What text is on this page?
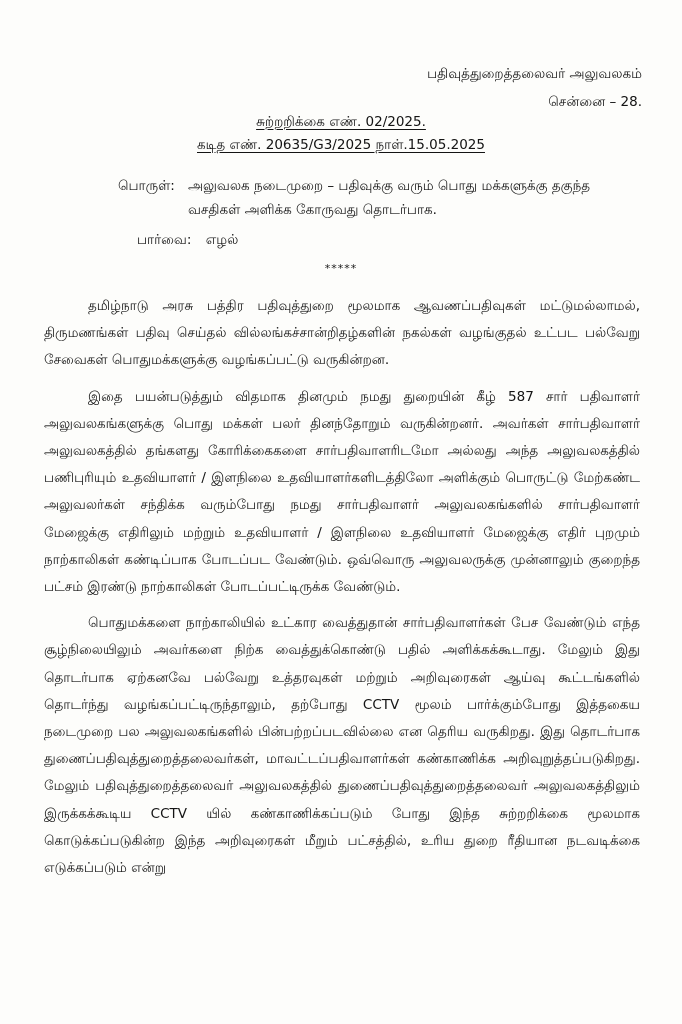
பதிவுத்துறைத்தலைவர் அலுவலகம்
சென்னை – 28.
சுற்றறிக்கை எண். 02/2025.
கடித எண். 20635/G3/2025 நாள்.15.05.2025
பொருள்: அலுவலக நடைமுறை – பதிவுக்கு வரும் பொது மக்களுக்கு தகுந்த வசதிகள் அளிக்க கோருவது தொடர்பாக.
பார்வை: எழல்
*****

தமிழ்நாடு அரசு பத்திர பதிவுத்துறை மூலமாக ஆவணப்பதிவுகள் மட்டுமல்லாமல், திருமணங்கள் பதிவு செய்தல் வில்லங்கச்சான்றிதழ்களின் நகல்கள் வழங்குதல் உட்பட பல்வேறு சேவைகள் பொதுமக்களுக்கு வழங்கப்பட்டு வருகின்றன.

இதை பயன்படுத்தும் விதமாக தினமும் நமது துறையின் கீழ் 587 சார் பதிவாளர் அலுவலகங்களுக்கு பொது மக்கள் பலர் தினந்தோறும் வருகின்றனர். அவர்கள் சார்பதிவாளர் அலுவலகத்தில் தங்களது கோரிக்கைகளை சார்பதிவாளரிடமோ அல்லது அந்த அலுவலகத்தில் பணிபுரியும் உதவியாளர் / இளநிலை உதவியாளர்களிடத்திலோ அளிக்கும் பொருட்டு மேற்கண்ட அலுவலர்கள் சந்திக்க வரும்போது நமது சார்பதிவாளர் அலுவலகங்களில் சார்பதிவாளர் மேஜைக்கு எதிரிலும் மற்றும் உதவியாளர் / இளநிலை உதவியாளர் மேஜைக்கு எதிர் புறமும் நாற்காலிகள் கண்டிப்பாக போடப்பட வேண்டும். ஒவ்வொரு அலுவலருக்கு முன்னாலும் குறைந்த பட்சம் இரண்டு நாற்காலிகள் போடப்பட்டிருக்க வேண்டும்.

பொதுமக்களை நாற்காலியில் உட்கார வைத்துதான் சார்பதிவாளர்கள் பேச வேண்டும் எந்த சூழ்நிலையிலும் அவர்களை நிற்க வைத்துக்கொண்டு பதில் அளிக்கக்கூடாது. மேலும் இது தொடர்பாக ஏற்கனவே பல்வேறு உத்தரவுகள் மற்றும் அறிவுரைகள் ஆய்வு கூட்டங்களில் தொடர்ந்து வழங்கப்பட்டிருந்தாலும், தற்போது CCTV மூலம் பார்க்கும்போது இத்தகைய நடைமுறை பல அலுவலகங்களில் பின்பற்றப்படவில்லை என தெரிய வருகிறது. இது தொடர்பாக துணைப்பதிவுத்துறைத்தலைவர்கள், மாவட்டப்பதிவாளர்கள் கண்காணிக்க அறிவுறுத்தப்படுகிறது. மேலும் பதிவுத்துறைத்தலைவர் அலுவலகத்தில் துணைப்பதிவுத்துறைத்தலைவர் அலுவலகத்திலும் இருக்கக்கூடிய CCTV யில் கண்காணிக்கப்படும் போது இந்த சுற்றறிக்கை மூலமாக கொடுக்கப்படுகின்ற இந்த அறிவுரைகள் மீறும் பட்சத்தில், உரிய துறை ரீதியான நடவடிக்கை எடுக்கப்படும் என்று
